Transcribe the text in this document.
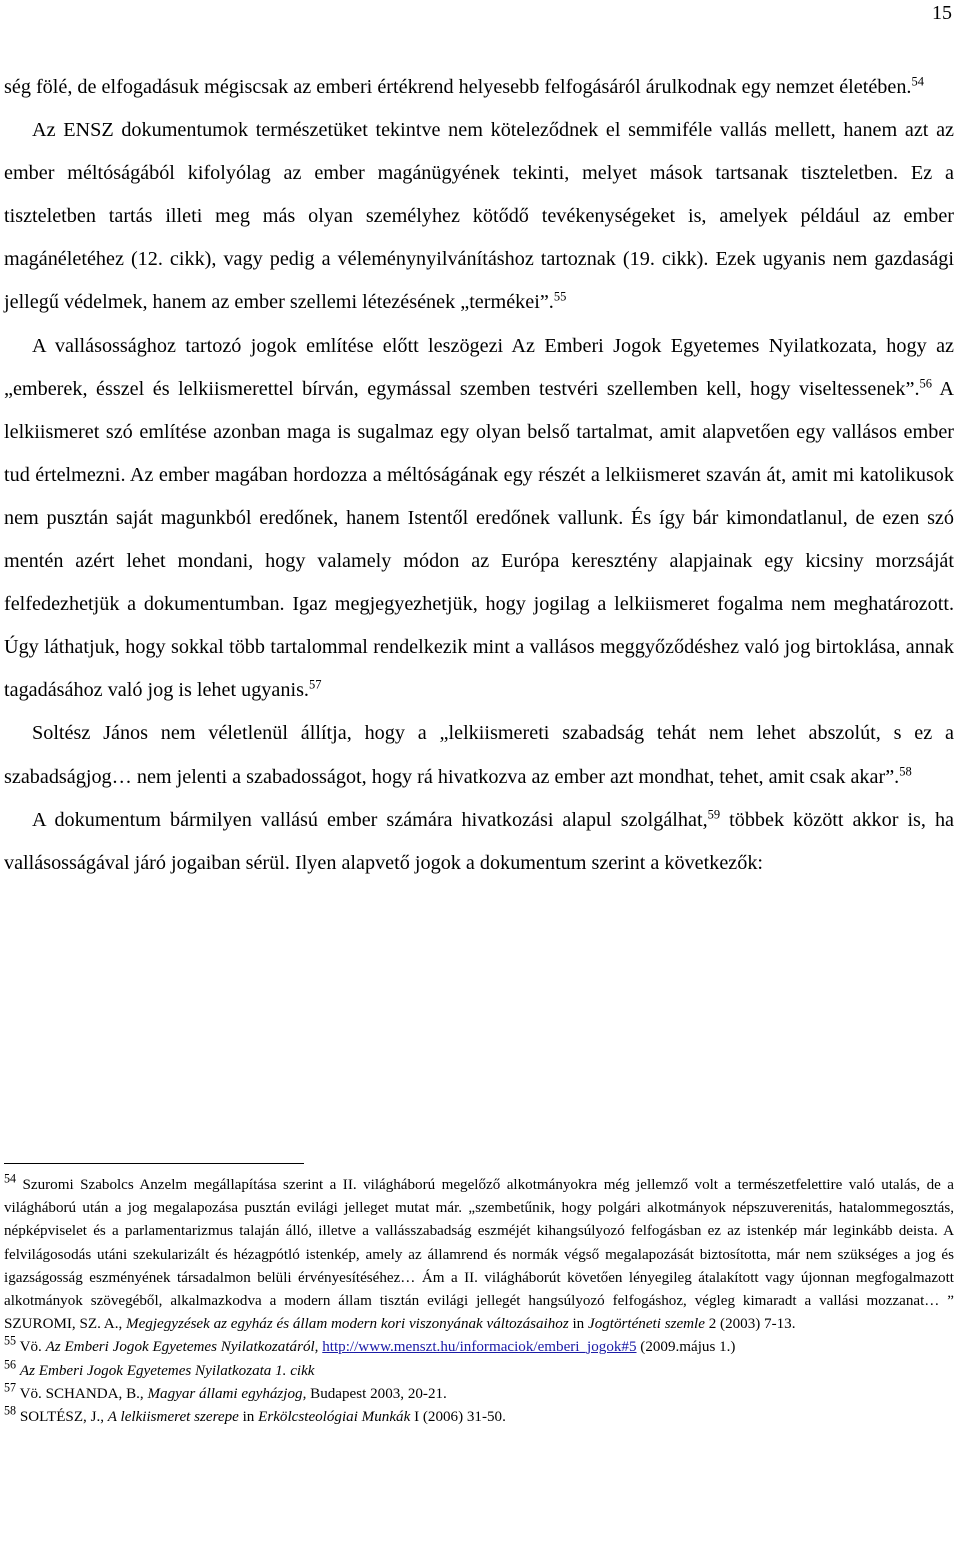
15

ség fölé, de elfogadásuk mégiscsak az emberi értékrend helyesebb felfogásáról árulkodnak egy nemzet életében.$^{54}$

Az ENSZ dokumentumok természetüket tekintve nem köteleződnek el semmiféle vallás mellett, hanem azt az ember méltóságából kifolyólag az ember magánügyének tekinti, melyet mások tartsanak tiszteletben. Ez a tiszteletben tartás illeti meg más olyan személyhez kötődő tevékenységeket is, amelyek például az ember magánéletéhez (12. cikk), vagy pedig a véleménynyilvánításhoz tartoznak (19. cikk). Ezek ugyanis nem gazdasági jellegű védelmek, hanem az ember szellemi létezésének „termékei”.$^{55}$

A vallásossághoz tartozó jogok említése előtt leszögezi Az Emberi Jogok Egyetemes Nyilatkozata, hogy az „emberek, ésszel és lelkiismerettel bírván, egymással szemben testvéri szellemben kell, hogy viseltessenek”.$^{56}$ A lelkiismeret szó említése azonban maga is sugalmaz egy olyan belső tartalmat, amit alapvetően egy vallásos ember tud értelmezni. Az ember magában hordozza a méltóságának egy részét a lelkiismeret szaván át, amit mi katolikusok nem pusztán saját magunkból eredőnek, hanem Istentől eredőnek vallunk. És így bár kimondatlanul, de ezen szó mentén azért lehet mondani, hogy valamely módon az Európa keresztény alapjainak egy kicsiny morzsáját felfedezhetjük a dokumentumban. Igaz megjegyezhetjük, hogy jogilag a lelkiismeret fogalma nem meghatározott. Úgy láthatjuk, hogy sokkal több tartalommal rendelkezik mint a vallásos meggyőződéshez való jog birtoklása, annak tagadásához való jog is lehet ugyanis.$^{57}$

Soltész János nem véletlenül állítja, hogy a „lelkiismereti szabadság tehát nem lehet abszolút, s ez a szabadságjog… nem jelenti a szabadosságot, hogy rá hivatkozva az ember azt mondhat, tehet, amit csak akar”.$^{58}$

A dokumentum bármilyen vallású ember számára hivatkozási alapul szolgálhat,$^{59}$ többek között akkor is, ha vallásosságával járó jogaiban sérül. Ilyen alapvető jogok a dokumentum szerint a következők:

$^{54}$ Szuromi Szabolcs Anzelm megállapítása szerint a II. világháború megelőző alkotmányokra még jellemző volt a természetfelettire való utalás, de a világháború után a jog megalapozása pusztán evilági jelleget mutat már. „szembetűnik, hogy polgári alkotmányok népszuverenitás, hatalommegosztás, népképviselet és a parlamentarizmus talaján álló, illetve a vallásszabadság eszméjét kihangsúlyozó felfogásban ez az istenkép már leginkább deista. A felvilágosodás utáni szekularizált és hézagpótló istenkép, amely az államrend és normák végső megalapozását biztosította, már nem szükséges a jog és igazságosság eszményének társadalmon belüli érvényesítéséhez… Ám a II. világháborút követően lényegileg átalakított vagy újonnan megfogalmazott alkotmányok szövegéből, alkalmazkodva a modern állam tisztán evilági jellegét hangsúlyozó felfogáshoz, végleg kimaradt a vallási mozzanat… ” SZUROMI, SZ. A., Megjegyzések az egyház és állam modern kori viszonyának változásaihoz in Jogtörténeti szemle 2 (2003) 7-13.

$^{55}$ Vö. Az Emberi Jogok Egyetemes Nyilatkozatáról, http://www.menszt.hu/informaciok/emberi_jogok#5 (2009.május 1.)

$^{56}$ Az Emberi Jogok Egyetemes Nyilatkozata 1. cikk

$^{57}$ Vö. SCHANDA, B., Magyar állami egyházjog, Budapest 2003, 20-21.

$^{58}$ SOLTÉSZ, J., A lelkiismeret szerepe in Erkölcsteológiai Munkák I (2006) 31-50.
